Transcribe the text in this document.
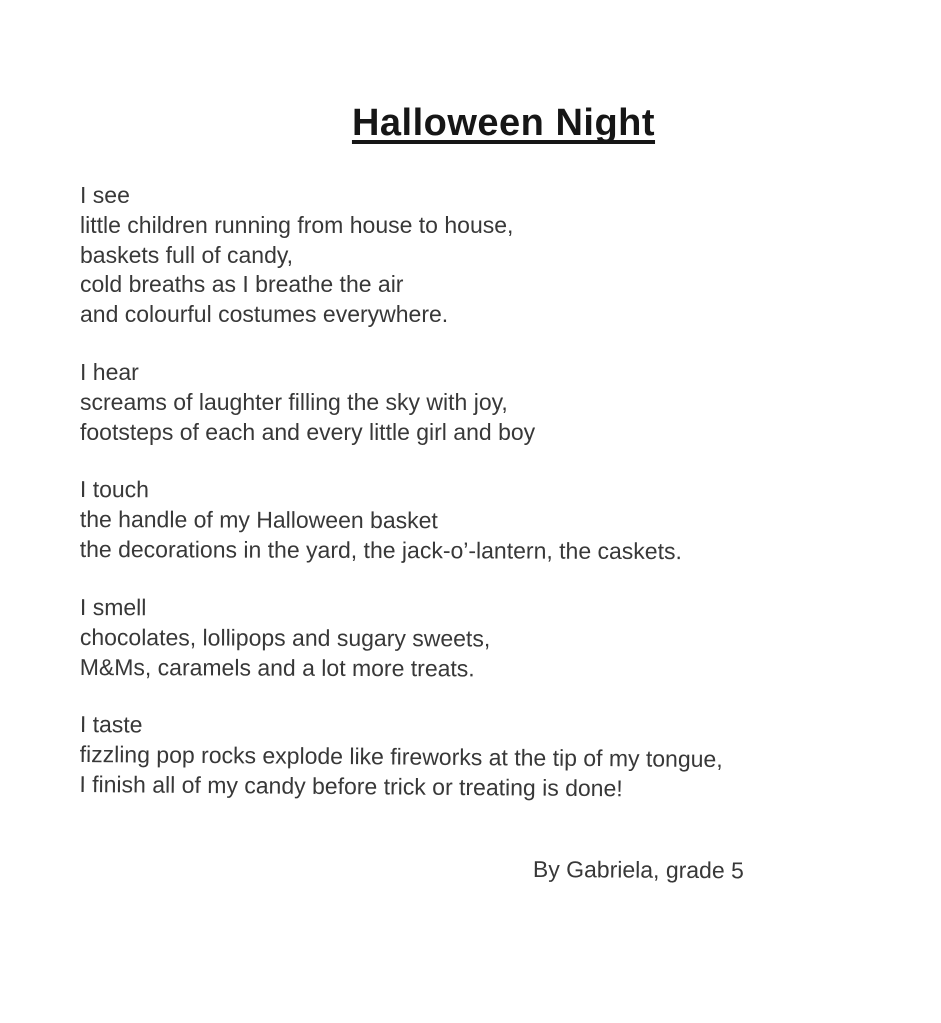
Halloween Night

I see

little children running from house to house,

baskets full of candy,

cold breaths as I breathe the air

and colourful costumes everywhere.

I hear

screams of laughter filling the sky with joy,

footsteps of each and every little girl and boy

I touch

the handle of my Halloween basket

the decorations in the yard, the jack-o’-lantern, the caskets.

I smell

chocolates, lollipops and sugary sweets,

M&Ms, caramels and a lot more treats.

I taste

fizzling pop rocks explode like fireworks at the tip of my tongue,

I finish all of my candy before trick or treating is done!

By Gabriela, grade 5
